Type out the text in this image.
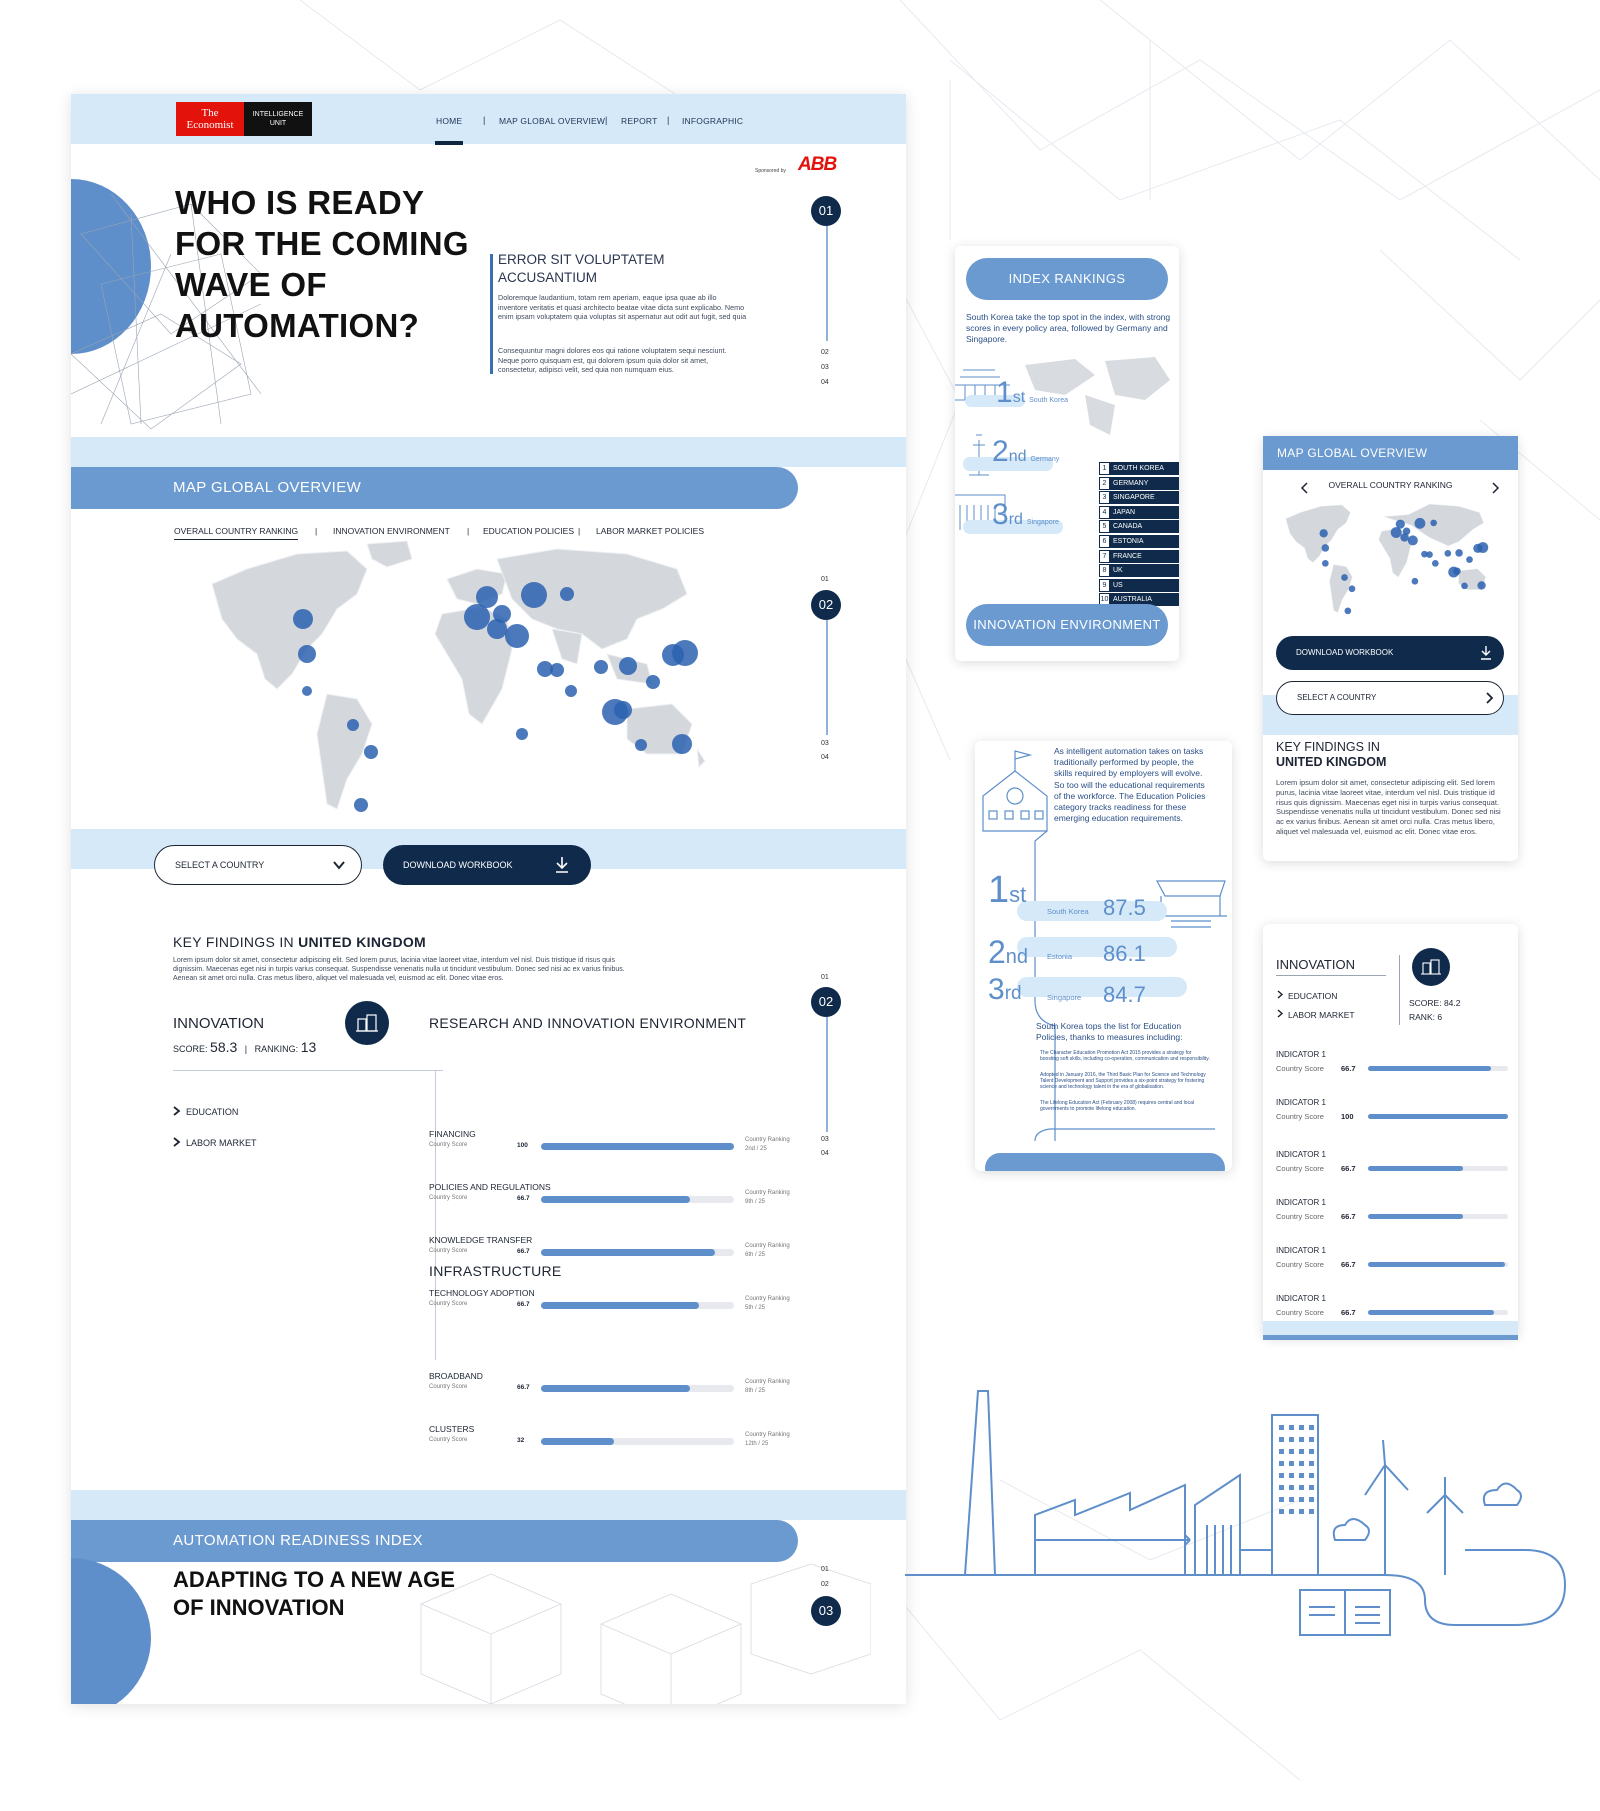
The
Economist
INTELLIGENCE
UNIT	HOME | MAP GLOBAL OVERVIEW | REPORT | INFOGRAPHIC
Sponsored by ABB
WHO IS READY FOR THE COMING WAVE OF AUTOMATION?
ERROR SIT VOLUPTATEM ACCUSANTIUM
Doloremque laudantium, totam rem aperiam, eaque ipsa quae ab illo inventore veritatis et quasi architecto beatae vitae dicta sunt explicabo. Nemo enim ipsam voluptatem quia voluptas sit aspernatur aut odit aut fugit, sed quia
Consequuntur magni dolores eos qui ratione voluptatem sequi nesciunt. Neque porro quisquam est, qui dolorem ipsum quia dolor sit amet, consectetur, adipisci velit, sed quia non numquam eius.
01
02
03
04
MAP GLOBAL OVERVIEW
OVERALL COUNTRY RANKING | INNOVATION ENVIRONMENT | EDUCATION POLICIES | LABOR MARKET POLICIES
SELECT A COUNTRY	DOWNLOAD WORKBOOK
01
02
03
04
KEY FINDINGS IN UNITED KINGDOM
Lorem ipsum dolor sit amet, consectetur adipiscing elit. Sed lorem purus, lacinia vitae laoreet vitae, interdum vel nisl. Duis tristique id risus quis dignissim. Maecenas eget nisi in turpis varius consequat. Suspendisse venenatis nulla ut tincidunt vestibulum. Donec sed nisi ac ex varius finibus. Aenean sit amet orci nulla. Cras metus libero, aliquet vel malesuada vel, euismod ac elit. Donec vitae eros.
INNOVATION
SCORE: 58.3 | RANKING: 13
EDUCATION
LABOR MARKET
RESEARCH AND INNOVATION ENVIRONMENT
INFRASTRUCTURE
FINANCING
Country Score	100
Country Ranking
2nd / 25
POLICIES AND REGULATIONS
Country Score	66.7
Country Ranking
9th / 25
KNOWLEDGE TRANSFER
Country Score	66.7
Country Ranking
6th / 25
TECHNOLOGY ADOPTION
Country Score	66.7
Country Ranking
5th / 25
BROADBAND
Country Score	66.7
Country Ranking
8th / 25
CLUSTERS
Country Score	32
Country Ranking
12th / 25
01
02
03
04
AUTOMATION READINESS INDEX
ADAPTING TO A NEW AGE
OF INNOVATION
01
02
03
INDEX RANKINGS
South Korea take the top spot in the index, with strong scores in every policy area, followed by Germany and Singapore.
1st South Korea
2nd Germany
3rd Singapore
1 SOUTH KOREA
2 GERMANY
3 SINGAPORE
4 JAPAN
5 CANADA
6 ESTONIA
7 FRANCE
8 UK
9 US
10 AUSTRALIA
INNOVATION ENVIRONMENT
MAP GLOBAL OVERVIEW
OVERALL COUNTRY RANKING
DOWNLOAD WORKBOOK
SELECT A COUNTRY
KEY FINDINGS IN
UNITED KINGDOM
Lorem ipsum dolor sit amet, consectetur adipiscing elit. Sed lorem purus, lacinia vitae laoreet vitae, interdum vel nisl. Duis tristique id risus quis dignissim. Maecenas eget nisi in turpis varius consequat. Suspendisse venenatis nulla ut tincidunt vestibulum. Donec sed nisi ac ex varius finibus. Aenean sit amet orci nulla. Cras metus libero, aliquet vel malesuada vel, euismod ac elit. Donec vitae eros.
As intelligent automation takes on tasks traditionally performed by people, the skills required by employers will evolve. So too will the educational requirements of the workforce. The Education Policies category tracks readiness for these emerging education requirements.
1st
South Korea 87.5
2nd	Estonia 86.1
3rd	Singapore 84.7
South Korea tops the list for Education Policies, thanks to measures including:
The Character Education Promotion Act 2015 provides a strategy for boosting soft skills, including co-operation, communication and responsibility.
Adopted in January 2016, the Third Basic Plan for Science and Technology Talent Development and Support provides a six-point strategy for fostering science and technology talent in the era of globalisation.
The Lifelong Education Act (February 2008) requires central and local governments to promote lifelong education.
INNOVATION
EDUCATION
LABOR MARKET
SCORE: 84.2
RANK: 6
INDICATOR 1
Country Score 66.7
INDICATOR 1
Country Score 100
INDICATOR 1
Country Score 66.7
INDICATOR 1
Country Score 66.7
INDICATOR 1
Country Score 66.7
INDICATOR 1
Country Score 66.7
